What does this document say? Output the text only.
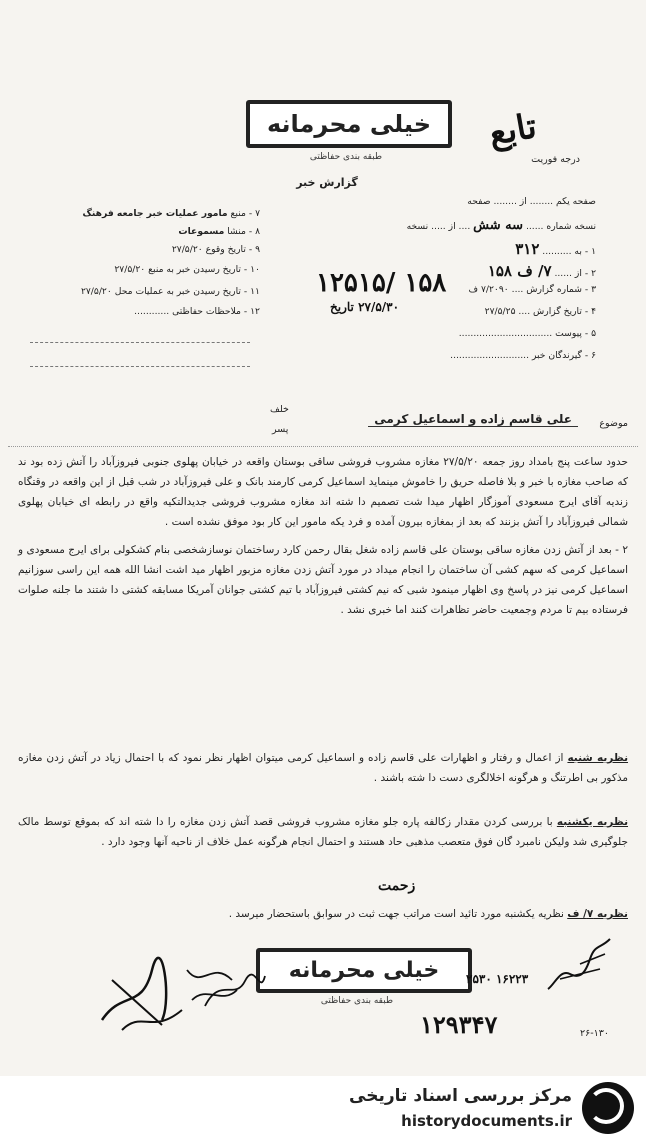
تابع
درجه فوریت
خیلی محرمانه
طبقه بندی حفاظتی
گزارش خبر
صفحه یکم ........ از ........ صفحه
نسخه شماره ...... سه شش .... از ..... نسخه
۱ - به .......... ۳۱۲
۲ - از ...... ۷/ ف ۱۵۸
۳ - شماره گزارش .... ۷/۲۰۹۰ ف
۴ - تاریخ گزارش .... ۲۷/۵/۲۵
۵ - پیوست ................................
۶ - گیرندگان خبر ...........................
۱۲۵۱۵/ ۱۵۸
۲۷/۵/۳۰ تاریخ
۷ - منبع مامور عملیات خبر جامعه فرهنگ
۸ - منشا مسموعات
۹ - تاریخ وقوع ۲۷/۵/۲۰
۱۰ - تاریخ رسیدن خبر به منبع ۲۷/۵/۲۰
۱۱ - تاریخ رسیدن خبر به عملیات محل ۲۷/۵/۲۰
۱۲ - ملاحظات حفاظتی ............
موضوع
علی قاسم زاده و اسماعیل کرمی
خلف
پسر

حدود ساعت پنج بامداد روز جمعه ۲۷/۵/۲۰ مغازه مشروب فروشی ساقی بوستان واقعه در خیابان پهلوی جنوبی فیروزآباد را آتش زده بود ند که صاحب مغازه با خبر و بلا فاصله حریق را خاموش مینماید اسماعیل کرمی کارمند بانک و علی فیروزآباد در شب قبل از این واقعه در وقتگاه زندیه آقای ایرج مسعودی آموزگار اظهار میدا شت تصمیم دا شته اند مغازه مشروب فروشی جدیدالتکیه واقع در رابطه ای خیابان پهلوی شمالی فیروزآباد را آتش بزنند که بعد از بمغازه بیرون آمده و فرد یکه مامور این کار بود موفق نشده است .

۲ - بعد از آتش زدن مغازه ساقی بوستان علی قاسم زاده شغل بقال رحمن کارد رساختمان نوسازشخصی بنام کشکولی برای ایرج مسعودی و اسماعیل کرمی که سهم کشی آن ساختمان را انجام میداد در مورد آتش زدن مغازه مزبور اظهار مید اشت انشا الله همه این راسی سوزانیم اسماعیل کرمی نیز در پاسخ وی اظهار مینمود شبی که نیم کشتی فیروزآباد با تیم کشتی جوانان آمریکا مسابقه کشتی دا شتند ما جلنه صلوات فرستاده بیم تا مردم وجمعیت حاضر تظاهرات کنند اما خبری نشد .

نظریه شنبه از اعمال و رفتار و اظهارات علی قاسم زاده و اسماعیل کرمی میتوان اظهار نظر نمود که با احتمال زیاد در آتش زدن مغازه مذکور بی اطرتنگ و هرگونه اخلالگری دست دا شته باشند .

نظریه یکشنبه با بررسی کردن مقدار زکالفه پاره جلو مغازه مشروب فروشی قصد آتش زدن مغازه را دا شته اند که بموقع توسط مالک جلوگیری شد ولیکن نامبرد گان فوق متعصب مذهبی حاد هستند و احتمال انجام هرگونه عمل خلاف از ناحیه آنها وجود دارد .

زحمت

نظریه ۷/ ف نظریه یکشنبه مورد تائید است مراتب جهت ثبت در سوابق باستحضار میرسد .

خیلی محرمانه
طبقه بندی حفاظتی
۲۵۳۰ ۱۶۲۲۳
۱۲۹۳۴۷	۲۶-۱۳۰
مرکز بررسی اسناد تاریخی
historydocuments.ir
